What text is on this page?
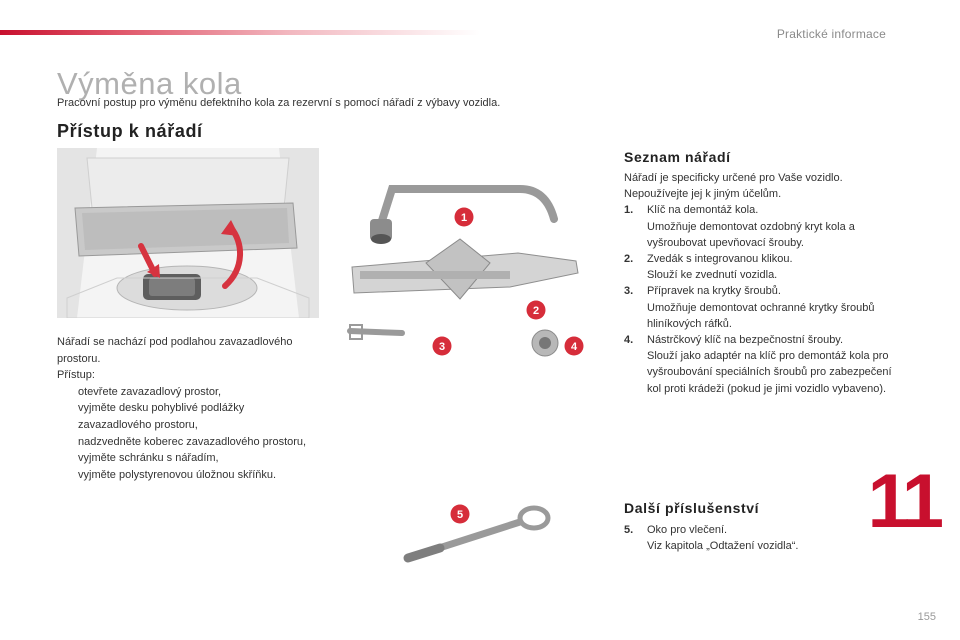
Praktické informace
Výměna kola
Pracovní postup pro výměnu defektního kola za rezervní s pomocí nářadí z výbavy vozidla.
Přístup k nářadí
1
2
3	4
5

Nářadí se nachází pod podlahou zavazadlového prostoru.

Přístup:

otevřete zavazadlový prostor,
vyjměte desku pohyblivé podlážky zavazadlového prostoru,
nadzvedněte koberec zavazadlového prostoru,
vyjměte schránku s nářadím,
vyjměte polystyrenovou úložnou skříňku.
Seznam nářadí

Nářadí je specificky určené pro Vaše vozidlo. Nepoužívejte jej k jiným účelům.

1. Klíč na demontáž kola.
Umožňuje demontovat ozdobný kryt kola a vyšroubovat upevňovací šrouby.
2. Zvedák s integrovanou klikou.
Slouží ke zvednutí vozidla.
3. Přípravek na krytky šroubů.
Umožňuje demontovat ochranné krytky šroubů hliníkových ráfků.
4. Nástrčkový klíč na bezpečnostní šrouby.
Slouží jako adaptér na klíč pro demontáž kola pro vyšroubování speciálních šroubů pro zabezpečení kol proti krádeži (pokud je jimi vozidlo vybaveno).
Další příslušenství
5. Oko pro vlečení.
Viz kapitola „Odtažení vozidla“.
11
155
